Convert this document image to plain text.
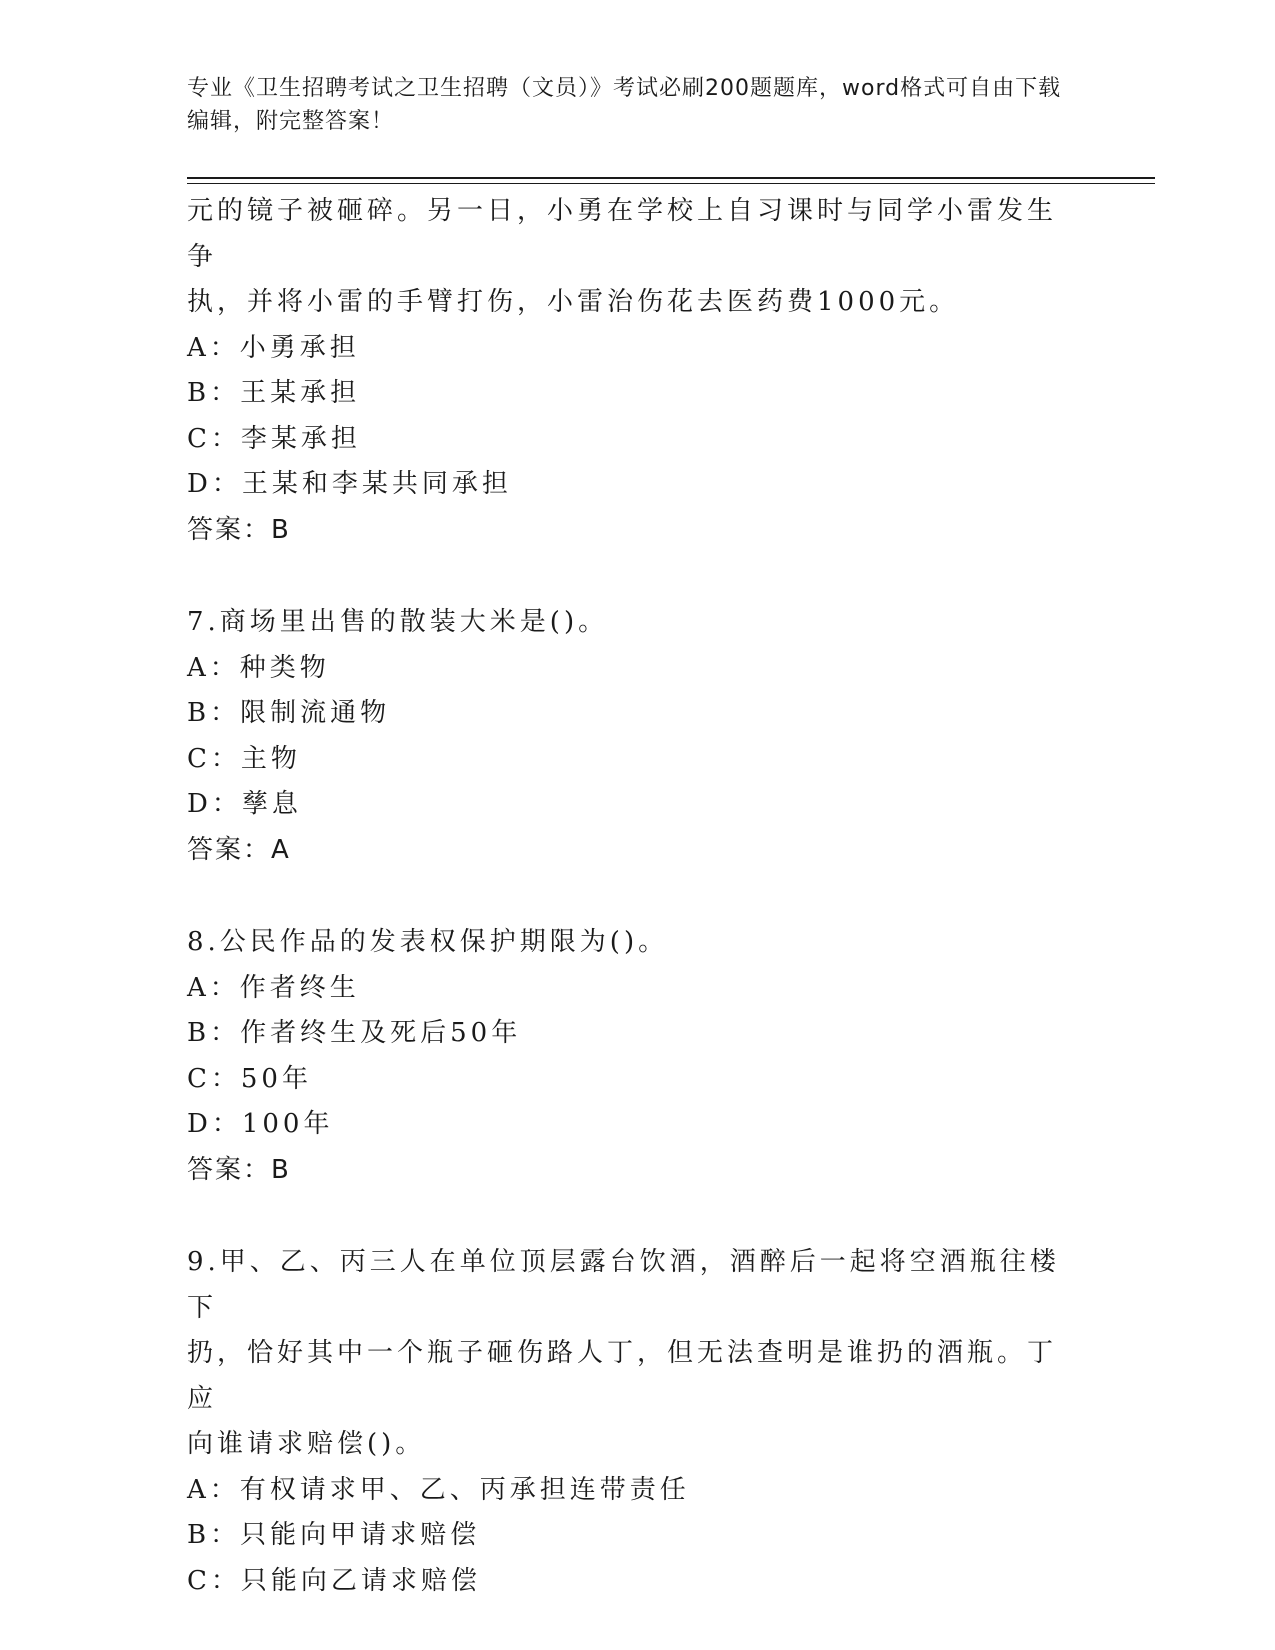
专业《卫生招聘考试之卫生招聘（文员）》考试必刷200题题库，word格式可自由下载编辑，附完整答案！
元的镜子被砸碎。另一日，小勇在学校上自习课时与同学小雷发生争
执，并将小雷的手臂打伤，小雷治伤花去医药费1000元。
A：小勇承担
B：王某承担
C：李某承担
D：王某和李某共同承担
答案：B
7.商场里出售的散装大米是()。
A：种类物
B：限制流通物
C：主物
D：孳息
答案：A
8.公民作品的发表权保护期限为()。
A：作者终生
B：作者终生及死后50年
C：50年
D：100年
答案：B
9.甲、乙、丙三人在单位顶层露台饮酒，酒醉后一起将空酒瓶往楼下
扔，恰好其中一个瓶子砸伤路人丁，但无法查明是谁扔的酒瓶。丁应
向谁请求赔偿()。
A：有权请求甲、乙、丙承担连带责任
B：只能向甲请求赔偿
C：只能向乙请求赔偿
